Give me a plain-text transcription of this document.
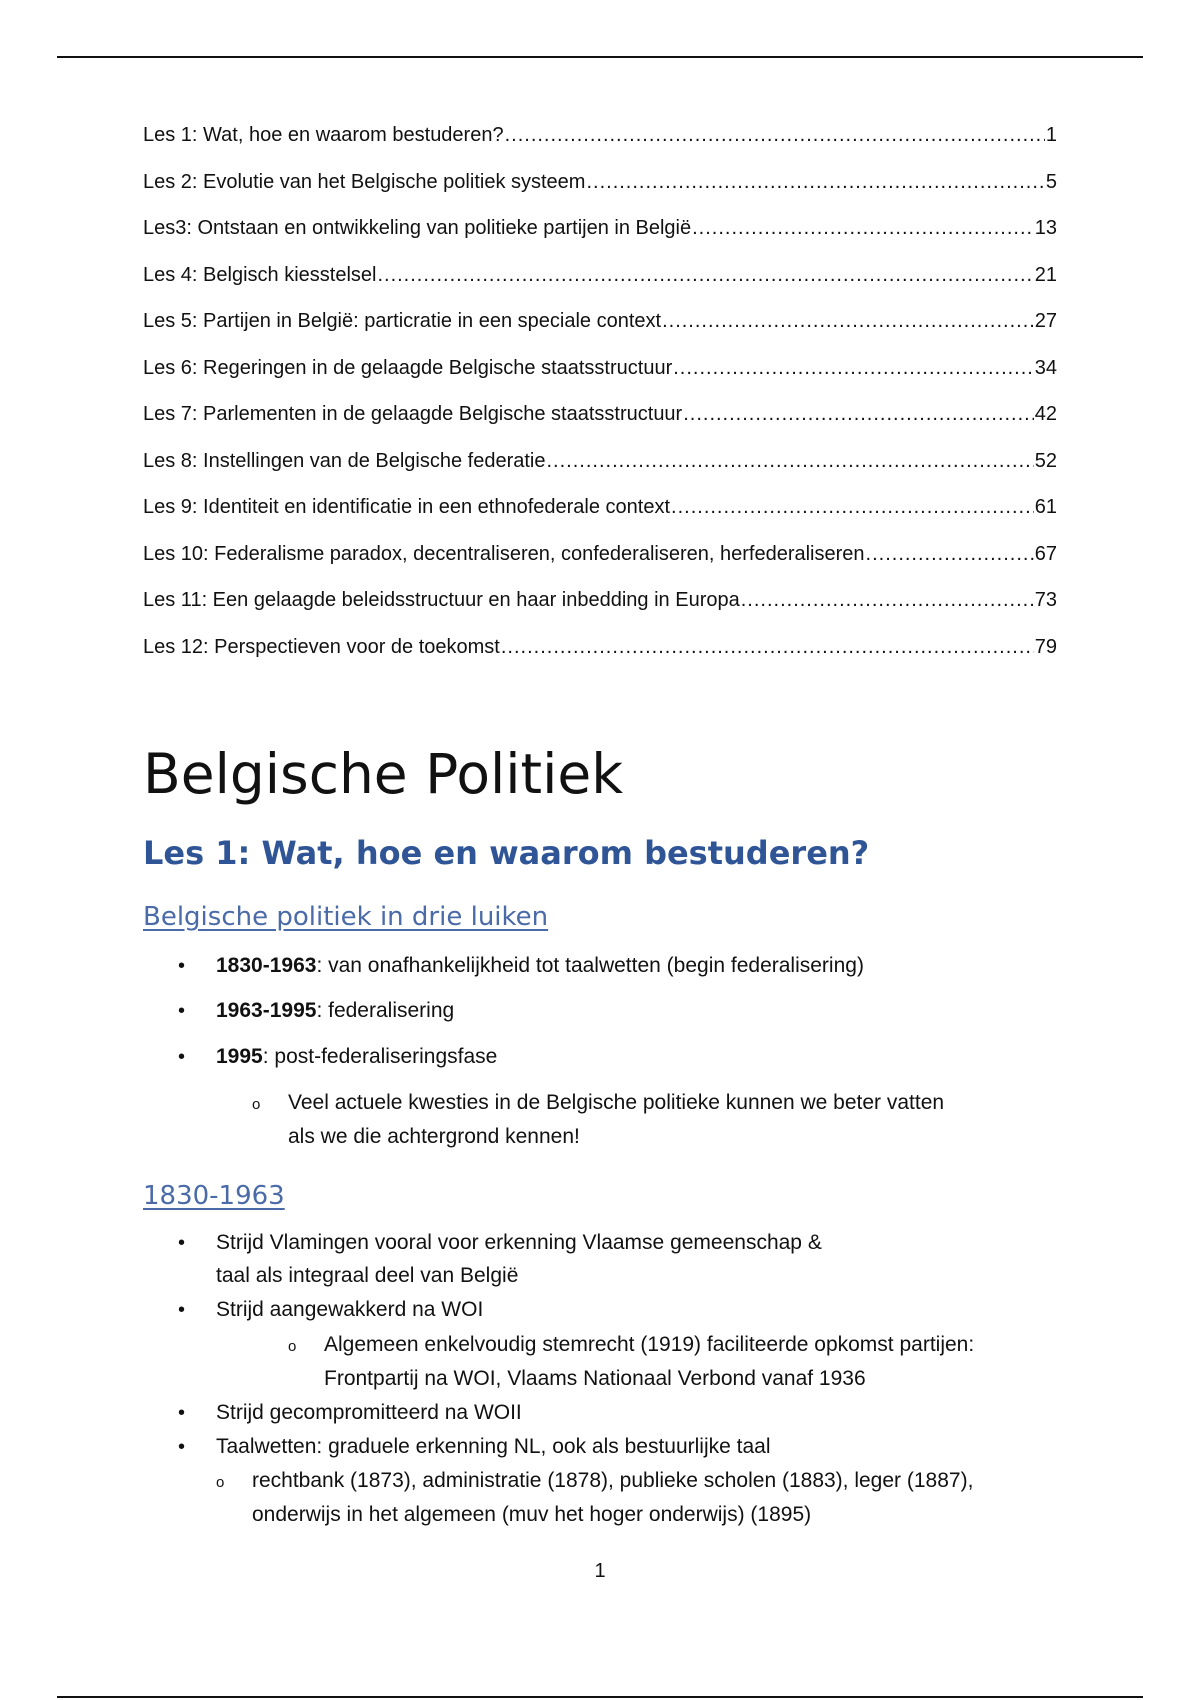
Les 1: Wat, hoe en waarom bestuderen? .....	1
Les 2: Evolutie van het Belgische politiek systeem .....	5
Les3: Ontstaan en ontwikkeling van politieke partijen in België .....	13
Les 4: Belgisch kiesstelsel .....	21
Les 5: Partijen in België: particratie in een speciale context .....	27
Les 6: Regeringen in de gelaagde Belgische staatsstructuur .....	34
Les 7: Parlementen in de gelaagde Belgische staatsstructuur .....	42
Les 8: Instellingen van de Belgische federatie .....	52
Les 9: Identiteit en identificatie in een ethnofederale context .....	61
Les 10: Federalisme paradox, decentraliseren, confederaliseren, herfederaliseren .....	67
Les 11: Een gelaagde beleidsstructuur en haar inbedding in Europa .....	73
Les 12: Perspectieven voor de toekomst .....	79
Belgische Politiek
Les 1: Wat, hoe en waarom bestuderen?
Belgische politiek in drie luiken
• 1830-1963: van onafhankelijkheid tot taalwetten (begin federalisering)
• 1963-1995: federalisering
• 1995: post-federaliseringsfase
o Veel actuele kwesties in de Belgische politieke kunnen we beter vatten
als we die achtergrond kennen!
1830-1963
• Strijd Vlamingen vooral voor erkenning Vlaamse gemeenschap &
taal als integraal deel van België
• Strijd aangewakkerd na WOI
o Algemeen enkelvoudig stemrecht (1919) faciliteerde opkomst partijen:
Frontpartij na WOI, Vlaams Nationaal Verbond vanaf 1936
• Strijd gecompromitteerd na WOII
• Taalwetten: graduele erkenning NL, ook als bestuurlijke taal
o rechtbank (1873), administratie (1878), publieke scholen (1883), leger (1887),
onderwijs in het algemeen (muv het hoger onderwijs) (1895)
1
